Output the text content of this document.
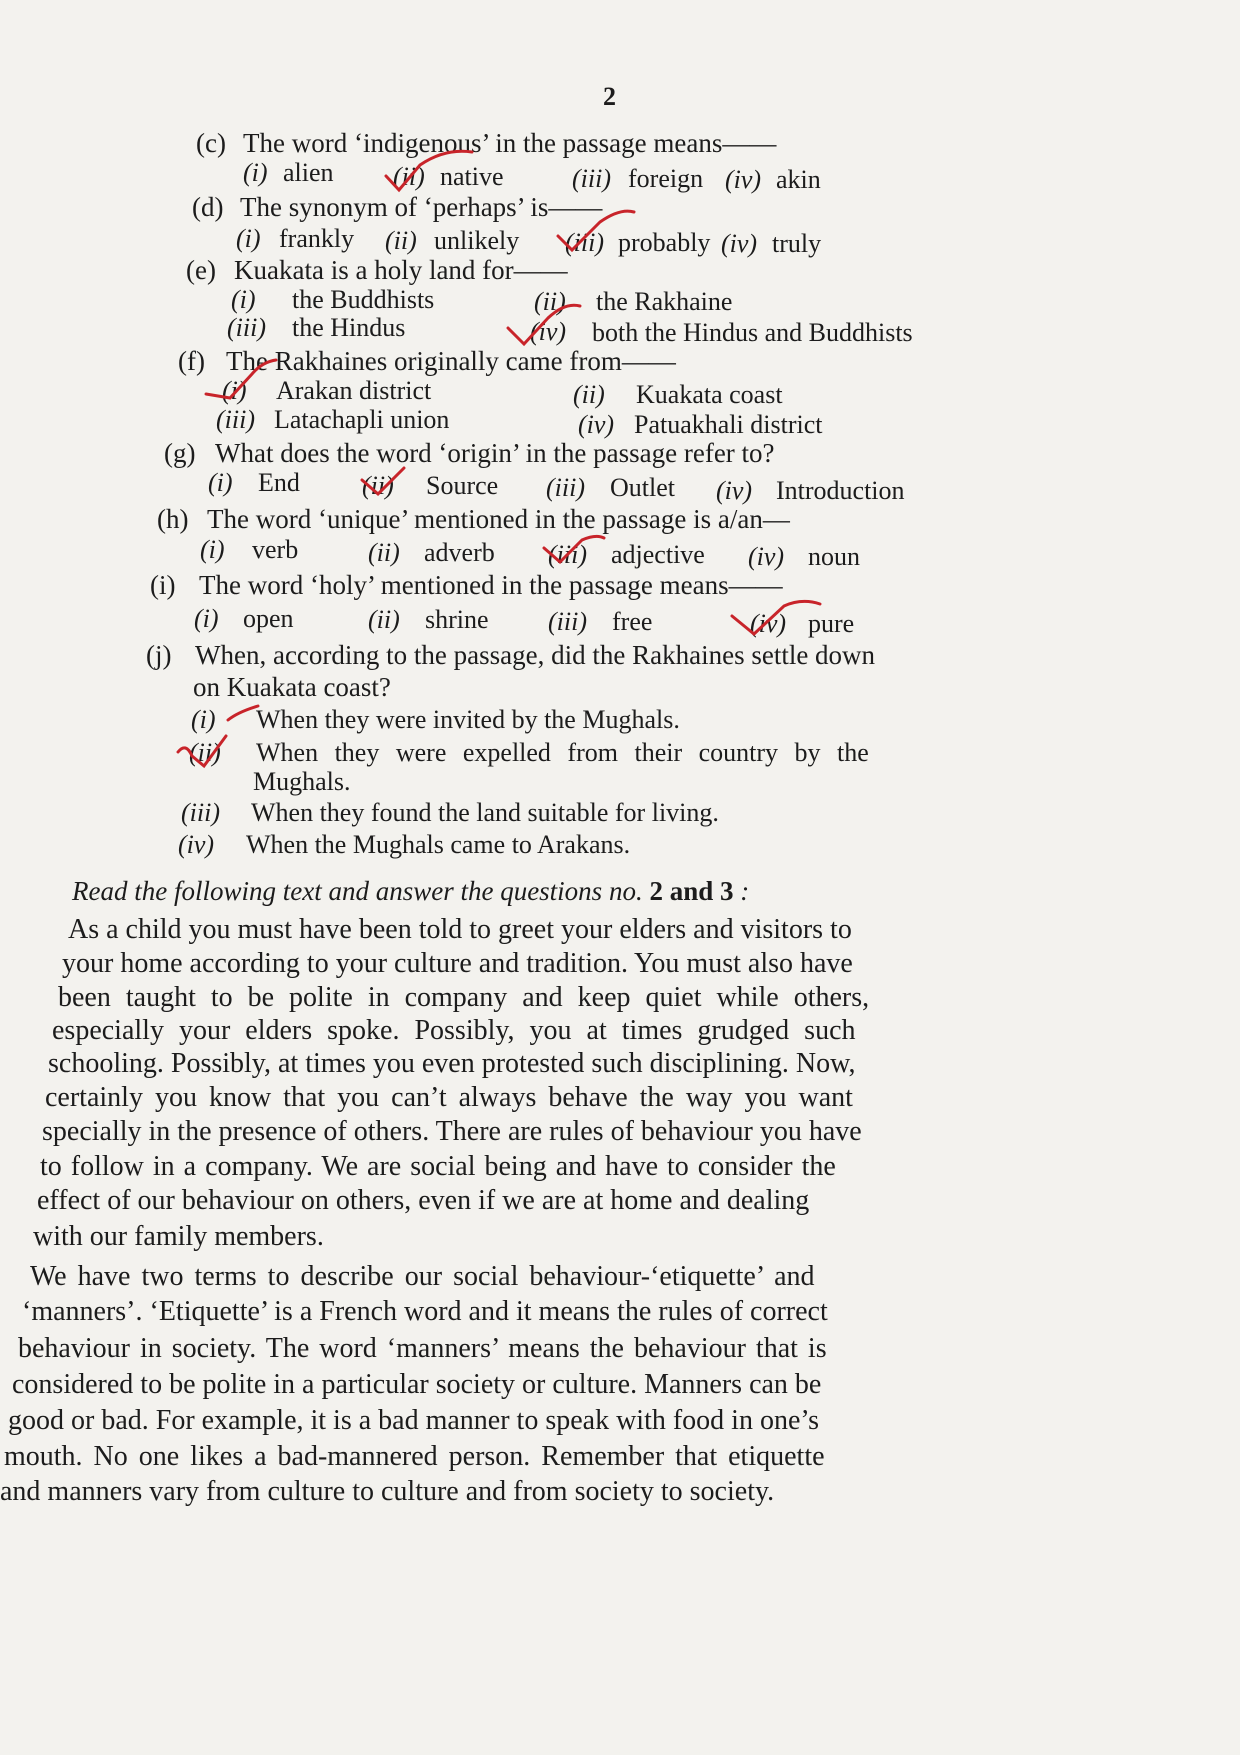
2
(c) The word ‘indigenous’ in the passage means——
(i) alien (ii) native	(iii) foreign (iv) akin
(d) The synonym of ‘perhaps’ is——
(i) frankly (ii) unlikely (iii) probably (iv) truly
(e) Kuakata is a holy land for——
(i) the Buddhists	(ii) the Rakhaine
(iii) the Hindus	(iv) both the Hindus and Buddhists
(f) The Rakhaines originally came from——
(i) Arakan district	(ii) Kuakata coast
(iii) Latachapli union	(iv) Patuakhali district
(g) What does the word ‘origin’ in the passage refer to?
(i) End (ii) Source (iii) Outlet (iv) Introduction
(h) The word ‘unique’ mentioned in the passage is a/an—
(i) verb	(ii) adverb (iii) adjective (iv) noun
(i) The word ‘holy’ mentioned in the passage means——
(i) open	(ii) shrine (iii) free	(iv) pure
(j) When, according to the passage, did the Rakhaines settle down
on Kuakata coast?
(i) When they were invited by the Mughals.
(ii) When they were expelled from their country by the
Mughals.
(iii) When they found the land suitable for living.
(iv) When the Mughals came to Arakans.
Read the following text and answer the questions no. 2 and 3 :
As a child you must have been told to greet your elders and visitors to
your home according to your culture and tradition. You must also have
been taught to be polite in company and keep quiet while others,
especially your elders spoke. Possibly, you at times grudged such
schooling. Possibly, at times you even protested such disciplining. Now,
certainly you know that you can’t always behave the way you want
specially in the presence of others. There are rules of behaviour you have
to follow in a company. We are social being and have to consider the
effect of our behaviour on others, even if we are at home and dealing
with our family members.
We have two terms to describe our social behaviour-‘etiquette’ and
‘manners’. ‘Etiquette’ is a French word and it means the rules of correct
behaviour in society. The word ‘manners’ means the behaviour that is
considered to be polite in a particular society or culture. Manners can be
good or bad. For example, it is a bad manner to speak with food in one’s
mouth. No one likes a bad-mannered person. Remember that etiquette
and manners vary from culture to culture and from society to society.
